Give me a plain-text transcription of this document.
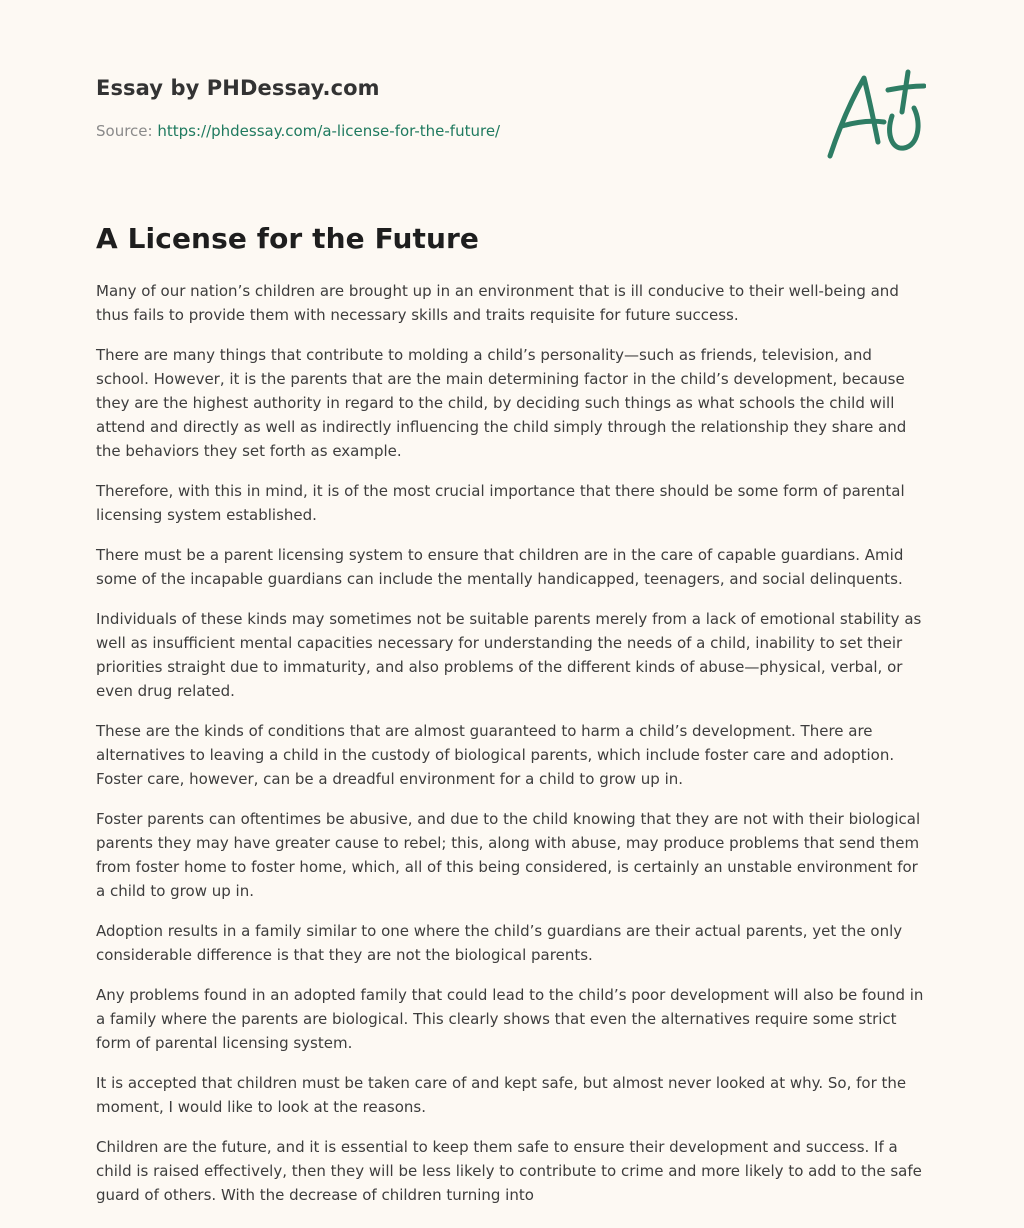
Essay by PHDessay.com
Source: https://phdessay.com/a-license-for-the-future/
A License for the Future

Many of our nation’s children are brought up in an environment that is ill conducive to their well-being and thus fails to provide them with necessary skills and traits requisite for future success.

There are many things that contribute to molding a child’s personality—such as friends, television, and school. However, it is the parents that are the main determining factor in the child’s development, because they are the highest authority in regard to the child, by deciding such things as what schools the child will attend and directly as well as indirectly influencing the child simply through the relationship they share and the behaviors they set forth as example.

Therefore, with this in mind, it is of the most crucial importance that there should be some form of parental licensing system established.

There must be a parent licensing system to ensure that children are in the care of capable guardians. Amid some of the incapable guardians can include the mentally handicapped, teenagers, and social delinquents.

Individuals of these kinds may sometimes not be suitable parents merely from a lack of emotional stability as well as insufficient mental capacities necessary for understanding the needs of a child, inability to set their priorities straight due to immaturity, and also problems of the different kinds of abuse—physical, verbal, or even drug related.

These are the kinds of conditions that are almost guaranteed to harm a child’s development. There are alternatives to leaving a child in the custody of biological parents, which include foster care and adoption. Foster care, however, can be a dreadful environment for a child to grow up in.

Foster parents can oftentimes be abusive, and due to the child knowing that they are not with their biological parents they may have greater cause to rebel; this, along with abuse, may produce problems that send them from foster home to foster home, which, all of this being considered, is certainly an unstable environment for a child to grow up in.

Adoption results in a family similar to one where the child’s guardians are their actual parents, yet the only considerable difference is that they are not the biological parents.

Any problems found in an adopted family that could lead to the child’s poor development will also be found in a family where the parents are biological. This clearly shows that even the alternatives require some strict form of parental licensing system.

It is accepted that children must be taken care of and kept safe, but almost never looked at why. So, for the moment, I would like to look at the reasons.

Children are the future, and it is essential to keep them safe to ensure their development and success. If a child is raised effectively, then they will be less likely to contribute to crime and more likely to add to the safe guard of others. With the decrease of children turning into
